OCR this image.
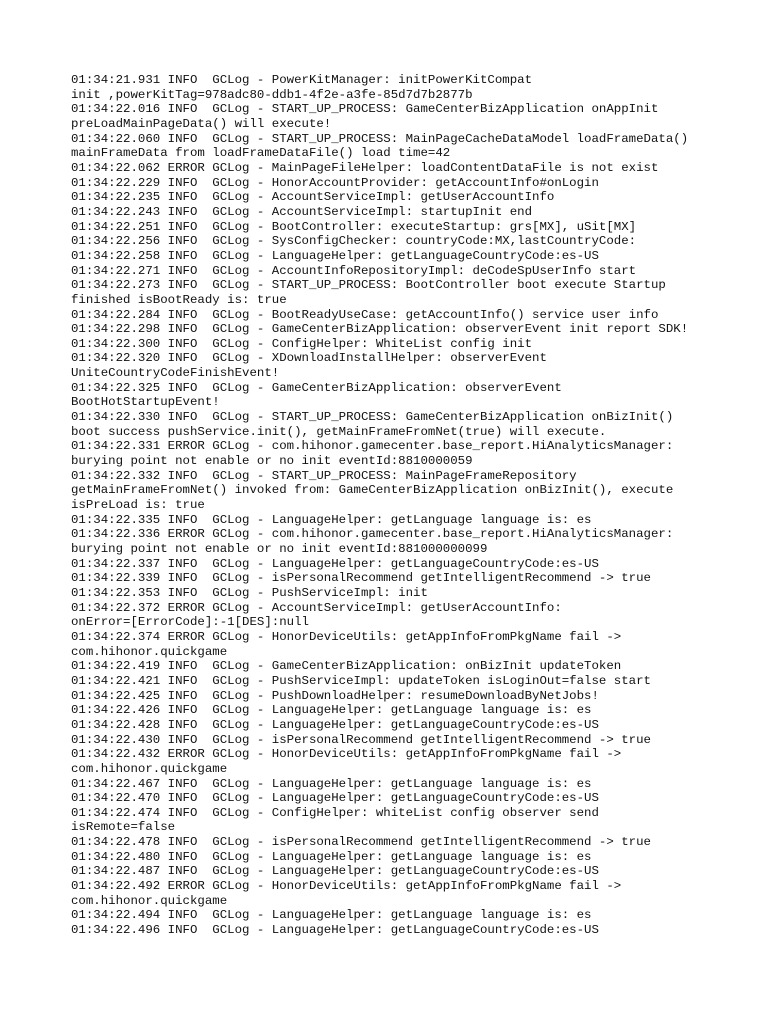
01:34:21.931 INFO  GCLog - PowerKitManager: initPowerKitCompat
init ,powerKitTag=978adc80-ddb1-4f2e-a3fe-85d7d7b2877b
01:34:22.016 INFO  GCLog - START_UP_PROCESS: GameCenterBizApplication onAppInit
preLoadMainPageData() will execute!
01:34:22.060 INFO  GCLog - START_UP_PROCESS: MainPageCacheDataModel loadFrameData()
mainFrameData from loadFrameDataFile() load time=42
01:34:22.062 ERROR GCLog - MainPageFileHelper: loadContentDataFile is not exist
01:34:22.229 INFO  GCLog - HonorAccountProvider: getAccountInfo#onLogin
01:34:22.235 INFO  GCLog - AccountServiceImpl: getUserAccountInfo
01:34:22.243 INFO  GCLog - AccountServiceImpl: startupInit end
01:34:22.251 INFO  GCLog - BootController: executeStartup: grs[MX], uSit[MX]
01:34:22.256 INFO  GCLog - SysConfigChecker: countryCode:MX,lastCountryCode:
01:34:22.258 INFO  GCLog - LanguageHelper: getLanguageCountryCode:es-US
01:34:22.271 INFO  GCLog - AccountInfoRepositoryImpl: deCodeSpUserInfo start
01:34:22.273 INFO  GCLog - START_UP_PROCESS: BootController boot execute Startup
finished isBootReady is: true
01:34:22.284 INFO  GCLog - BootReadyUseCase: getAccountInfo() service user info
01:34:22.298 INFO  GCLog - GameCenterBizApplication: observerEvent init report SDK!
01:34:22.300 INFO  GCLog - ConfigHelper: WhiteList config init
01:34:22.320 INFO  GCLog - XDownloadInstallHelper: observerEvent
UniteCountryCodeFinishEvent!
01:34:22.325 INFO  GCLog - GameCenterBizApplication: observerEvent
BootHotStartupEvent!
01:34:22.330 INFO  GCLog - START_UP_PROCESS: GameCenterBizApplication onBizInit()
boot success pushService.init(), getMainFrameFromNet(true) will execute.
01:34:22.331 ERROR GCLog - com.hihonor.gamecenter.base_report.HiAnalyticsManager:
burying point not enable or no init eventId:8810000059
01:34:22.332 INFO  GCLog - START_UP_PROCESS: MainPageFrameRepository
getMainFrameFromNet() invoked from: GameCenterBizApplication onBizInit(), execute
isPreLoad is: true
01:34:22.335 INFO  GCLog - LanguageHelper: getLanguage language is: es
01:34:22.336 ERROR GCLog - com.hihonor.gamecenter.base_report.HiAnalyticsManager:
burying point not enable or no init eventId:881000000099
01:34:22.337 INFO  GCLog - LanguageHelper: getLanguageCountryCode:es-US
01:34:22.339 INFO  GCLog - isPersonalRecommend getIntelligentRecommend -> true
01:34:22.353 INFO  GCLog - PushServiceImpl: init
01:34:22.372 ERROR GCLog - AccountServiceImpl: getUserAccountInfo:
onError=[ErrorCode]:-1[DES]:null
01:34:22.374 ERROR GCLog - HonorDeviceUtils: getAppInfoFromPkgName fail ->
com.hihonor.quickgame
01:34:22.419 INFO  GCLog - GameCenterBizApplication: onBizInit updateToken
01:34:22.421 INFO  GCLog - PushServiceImpl: updateToken isLoginOut=false start
01:34:22.425 INFO  GCLog - PushDownloadHelper: resumeDownloadByNetJobs!
01:34:22.426 INFO  GCLog - LanguageHelper: getLanguage language is: es
01:34:22.428 INFO  GCLog - LanguageHelper: getLanguageCountryCode:es-US
01:34:22.430 INFO  GCLog - isPersonalRecommend getIntelligentRecommend -> true
01:34:22.432 ERROR GCLog - HonorDeviceUtils: getAppInfoFromPkgName fail ->
com.hihonor.quickgame
01:34:22.467 INFO  GCLog - LanguageHelper: getLanguage language is: es
01:34:22.470 INFO  GCLog - LanguageHelper: getLanguageCountryCode:es-US
01:34:22.474 INFO  GCLog - ConfigHelper: whiteList config observer send
isRemote=false
01:34:22.478 INFO  GCLog - isPersonalRecommend getIntelligentRecommend -> true
01:34:22.480 INFO  GCLog - LanguageHelper: getLanguage language is: es
01:34:22.487 INFO  GCLog - LanguageHelper: getLanguageCountryCode:es-US
01:34:22.492 ERROR GCLog - HonorDeviceUtils: getAppInfoFromPkgName fail ->
com.hihonor.quickgame
01:34:22.494 INFO  GCLog - LanguageHelper: getLanguage language is: es
01:34:22.496 INFO  GCLog - LanguageHelper: getLanguageCountryCode:es-US
